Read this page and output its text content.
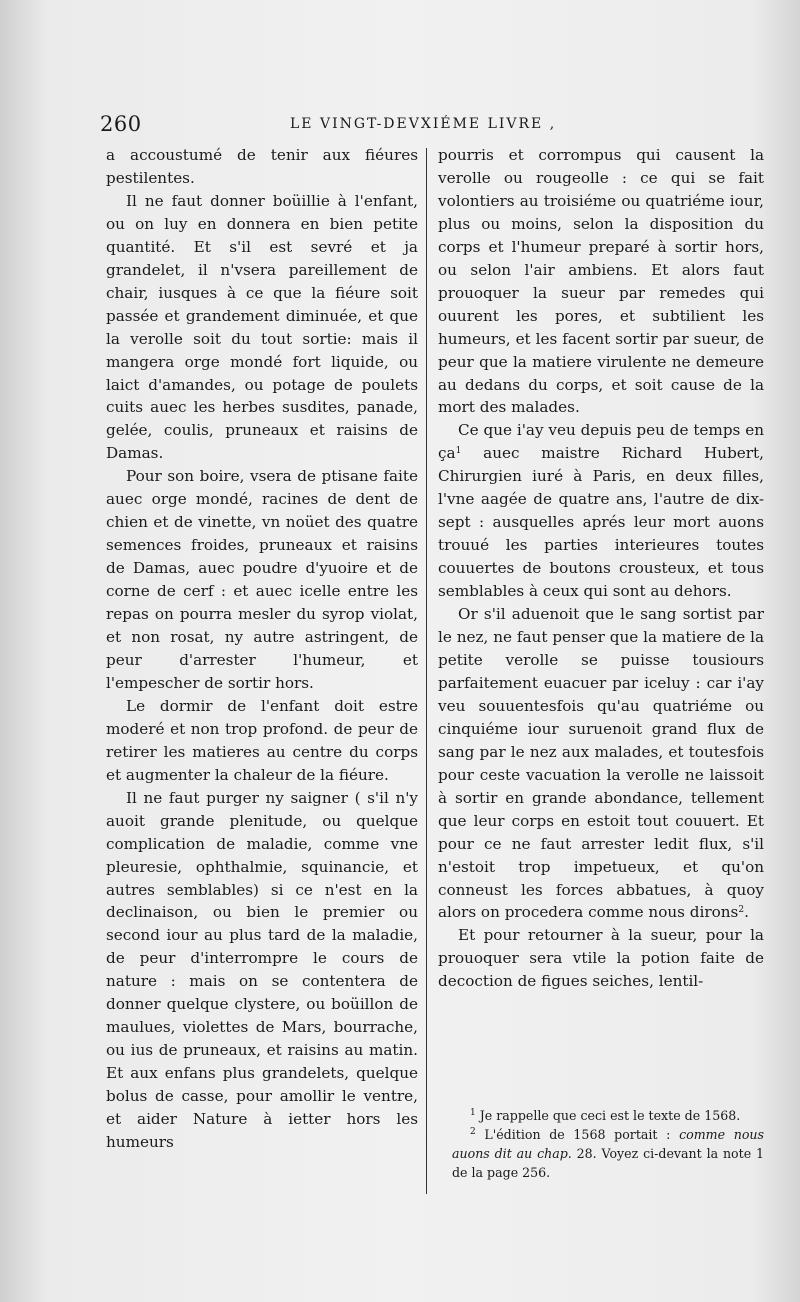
260	LE VINGT-DEVXIÉME LIVRE ,

a accoustumé de tenir aux fiéures pestilentes.

Il ne faut donner boüillie à l'enfant, ou on luy en donnera en bien petite quantité. Et s'il est sevré et ja grandelet, il n'vsera pareillement de chair, iusques à ce que la fiéure soit passée et grandement diminuée, et que la verolle soit du tout sortie: mais il mangera orge mondé fort liquide, ou laict d'amandes, ou potage de poulets cuits auec les herbes susdites, panade, gelée, coulis, pruneaux et raisins de Damas.

Pour son boire, vsera de ptisane faite auec orge mondé, racines de dent de chien et de vinette, vn noüet des quatre semences froides, pruneaux et raisins de Damas, auec poudre d'yuoire et de corne de cerf : et auec icelle entre les repas on pourra mesler du syrop violat, et non rosat, ny autre astringent, de peur d'arrester l'humeur, et l'empescher de sortir hors.

Le dormir de l'enfant doit estre moderé et non trop profond. de peur de retirer les matieres au centre du corps et augmenter la chaleur de la fiéure.

Il ne faut purger ny saigner ( s'il n'y auoit grande plenitude, ou quelque complication de maladie, comme vne pleuresie, ophthalmie, squinancie, et autres semblables) si ce n'est en la declinaison, ou bien le premier ou second iour au plus tard de la maladie, de peur d'interrompre le cours de nature : mais on se contentera de donner quelque clystere, ou boüillon de maulues, violettes de Mars, bourrache, ou ius de pruneaux, et raisins au matin. Et aux enfans plus grandelets, quelque bolus de casse, pour amollir le ventre, et aider Nature à ietter hors les humeurs

pourris et corrompus qui causent la verolle ou rougeolle : ce qui se fait volontiers au troisiéme ou quatriéme iour, plus ou moins, selon la disposition du corps et l'humeur preparé à sortir hors, ou selon l'air ambiens. Et alors faut prouoquer la sueur par remedes qui ouurent les pores, et subtilient les humeurs, et les facent sortir par sueur, de peur que la matiere virulente ne demeure au dedans du corps, et soit cause de la mort des malades.

Ce que i'ay veu depuis peu de temps en $ça^1$ auec maistre Richard Hubert, Chirurgien iuré à Paris, en deux filles, l'vne aagée de quatre ans, l'autre de dix-sept : ausquelles aprés leur mort auons trouué les parties interieures toutes couuertes de boutons crousteux, et tous semblables à ceux qui sont au dehors.

Or s'il aduenoit que le sang sortist par le nez, ne faut penser que la matiere de la petite verolle se puisse tousiours parfaitement euacuer par iceluy : car i'ay veu souuentesfois qu'au quatriéme ou cinquiéme iour suruenoit grand flux de sang par le nez aux malades, et toutesfois pour ceste vacuation la verolle ne laissoit à sortir en grande abondance, tellement que leur corps en estoit tout couuert. Et pour ce ne faut arrester ledit flux, s'il n'estoit trop impetueux, et qu'on conneust les forces abbatues, à quoy alors on procedera comme nous dirons$^2$.

Et pour retourner à la sueur, pour la prouoquer sera vtile la potion faite de decoction de figues seiches, lentil-

$^1$ Je rappelle que ceci est le texte de 1568.

$^2$ L'édition de 1568 portait : comme nous auons dit au chap. 28. Voyez ci-devant la note 1 de la page 256.
